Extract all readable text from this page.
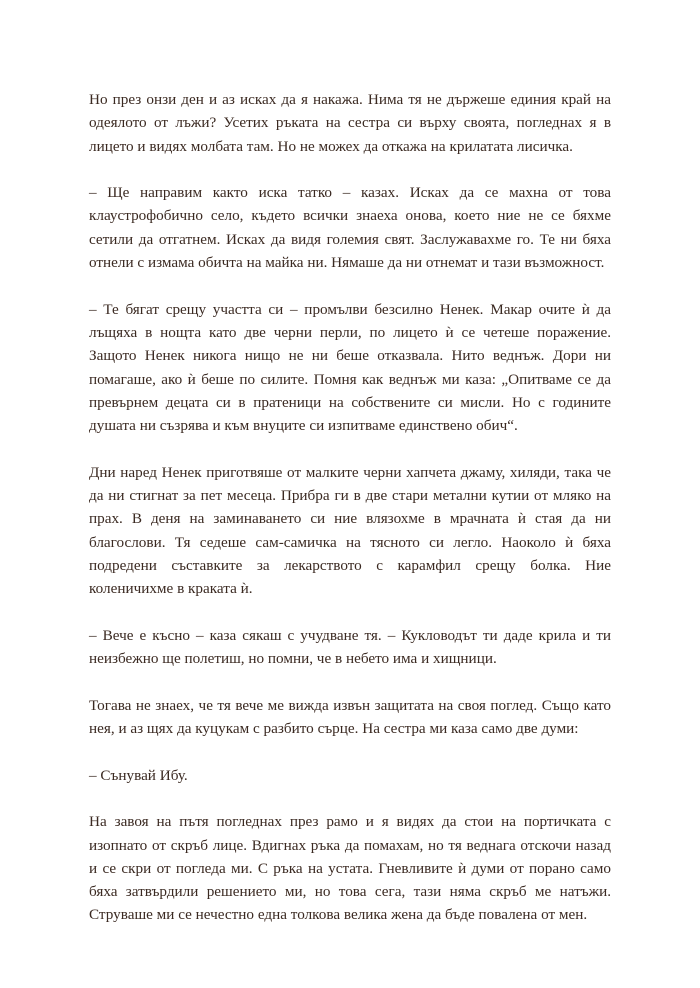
Но през онзи ден и аз исках да я накажа. Нима тя не държеше единия край на одеялото от лъжи? Усетих ръката на сестра си върху своята, погледнах я в лицето и видях молбата там. Но не можех да откажа на крилатата лисичка.

– Ще направим както иска татко – казах. Исках да се махна от това клаустрофобично село, където всички знаеха онова, което ние не се бяхме сетили да отгатнем. Исках да видя големия свят. Заслужавахме го. Те ни бяха отнели с измама обичта на майка ни. Нямаше да ни отнемат и тази възможност.

– Те бягат срещу участта си – промълви безсилно Ненек. Макар очите ѝ да лъщяха в нощта като две черни перли, по лицето ѝ се четеше поражение. Защото Ненек никога нищо не ни беше отказвала. Нито веднъж. Дори ни помагаше, ако ѝ беше по силите. Помня как веднъж ми каза: „Опитваме се да превърнем децата си в пратеници на собствените си мисли. Но с годините душата ни съзрява и към внуците си изпитваме единствено обич“.

Дни наред Ненек приготвяше от малките черни хапчета джаму, хиляди, така че да ни стигнат за пет месеца. Прибра ги в две стари метални кутии от мляко на прах. В деня на заминаването си ние влязохме в мрачната ѝ стая да ни благослови. Тя седеше сам-самичка на тясното си легло. Наоколо ѝ бяха подредени съставките за лекарството с карамфил срещу болка. Ние коленичихме в краката ѝ.

– Вече е късно – каза сякаш с учудване тя. – Кукловодът ти даде крила и ти неизбежно ще полетиш, но помни, че в небето има и хищници.

Тогава не знаех, че тя вече ме вижда извън защитата на своя поглед. Също като нея, и аз щях да куцукам с разбито сърце. На сестра ми каза само две думи:

– Сънувай Ибу.

На завоя на пътя погледнах през рамо и я видях да стои на портичката с изопнато от скръб лице. Вдигнах ръка да помахам, но тя веднага отскочи назад и се скри от погледа ми. С ръка на устата. Гневливите ѝ думи от порано само бяха затвърдили решението ми, но това сега, тази няма скръб ме натъжи. Струваше ми се нечестно една толкова велика жена да бъде повалена от мен.
